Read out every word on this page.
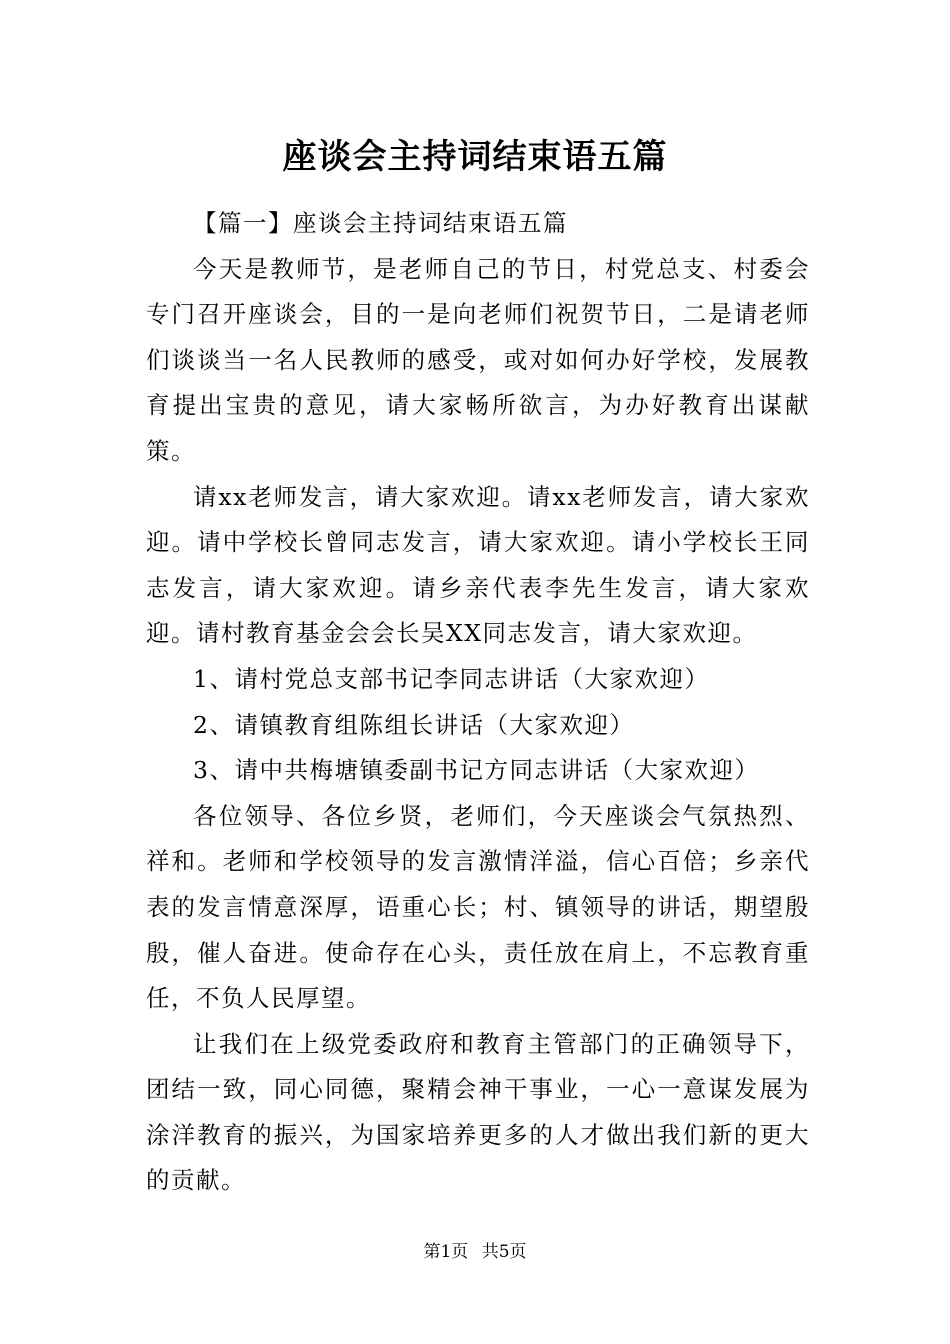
座谈会主持词结束语五篇

【篇一】座谈会主持词结束语五篇

今天是教师节，是老师自己的节日，村党总支、村委会专门召开座谈会，目的一是向老师们祝贺节日，二是请老师们谈谈当一名人民教师的感受，或对如何办好学校，发展教育提出宝贵的意见，请大家畅所欲言，为办好教育出谋献策。

请xx老师发言，请大家欢迎。请xx老师发言，请大家欢迎。请中学校长曾同志发言，请大家欢迎。请小学校长王同志发言，请大家欢迎。请乡亲代表李先生发言，请大家欢迎。请村教育基金会会长吴XX同志发言，请大家欢迎。

1、请村党总支部书记李同志讲话（大家欢迎）

2、请镇教育组陈组长讲话（大家欢迎）

3、请中共梅塘镇委副书记方同志讲话（大家欢迎）

各位领导、各位乡贤，老师们，今天座谈会气氛热烈、祥和。老师和学校领导的发言激情洋溢，信心百倍；乡亲代表的发言情意深厚，语重心长；村、镇领导的讲话，期望殷殷，催人奋进。使命存在心头，责任放在肩上，不忘教育重任，不负人民厚望。

让我们在上级党委政府和教育主管部门的正确领导下，团结一致，同心同德，聚精会神干事业，一心一意谋发展为涂洋教育的振兴，为国家培养更多的人才做出我们新的更大的贡献。

第1页 共5页
